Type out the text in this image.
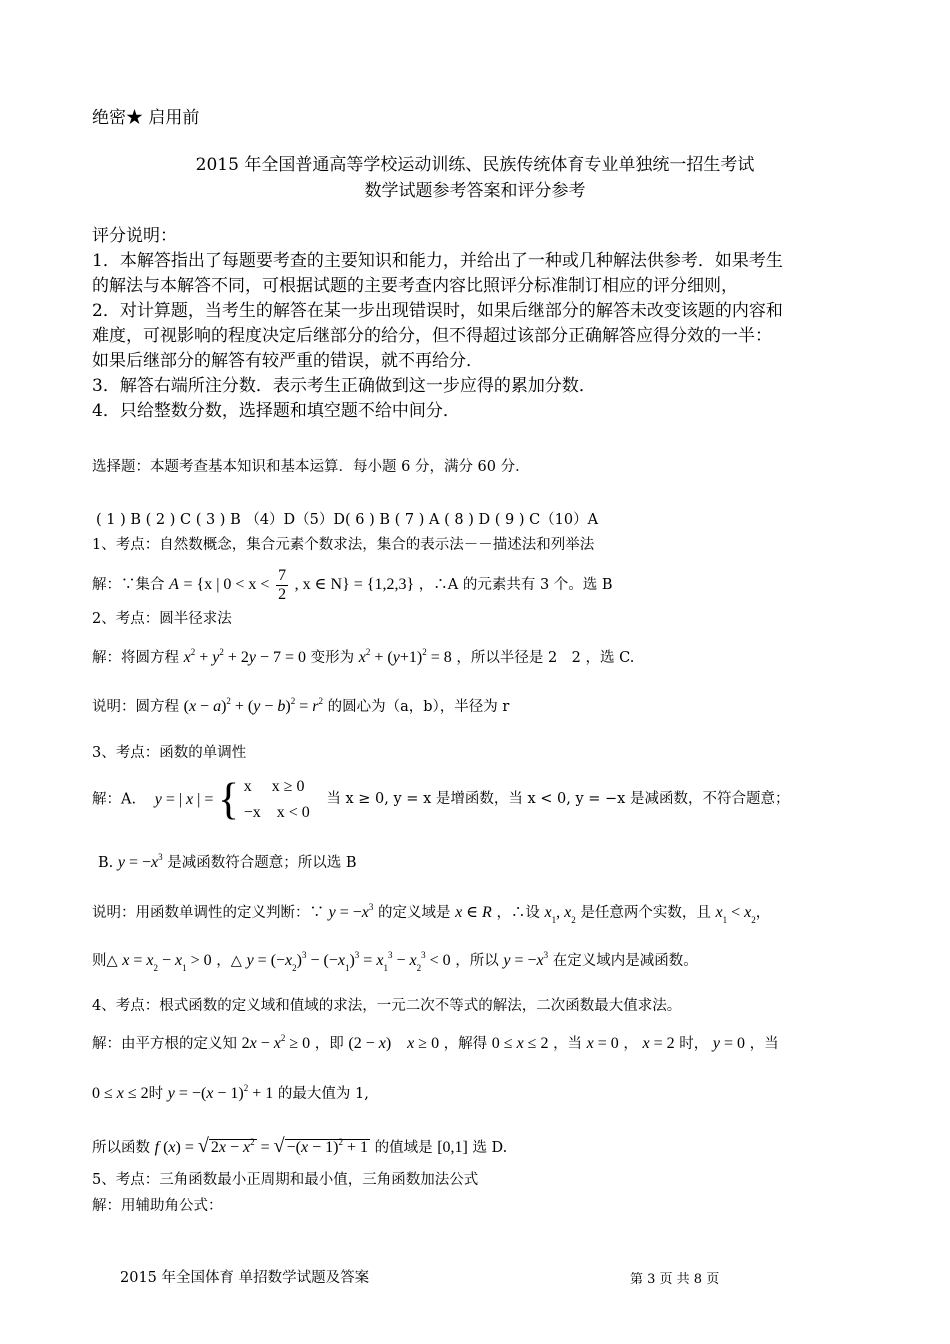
绝密★ 启用前
2015 年全国普通高等学校运动训练、民族传统体育专业单独统一招生考试
数学试题参考答案和评分参考
评分说明：
1．本解答指出了每题要考查的主要知识和能力，并给出了一种或几种解法供参考．如果考生
的解法与本解答不同，可根据试题的主要考查内容比照评分标准制订相应的评分细则，
2．对计算题，当考生的解答在某一步出现错误时，如果后继部分的解答未改变该题的内容和
难度，可视影响的程度决定后继部分的给分，但不得超过该部分正确解答应得分效的一半：
如果后继部分的解答有较严重的错误，就不再给分．
3．解答右端所注分数．表示考生正确做到这一步应得的累加分数．
4．只给整数分数，选择题和填空题不给中间分．
选择题：本题考查基本知识和基本运算．每小题 6 分，满分 60 分．
( 1 ) B ( 2 ) C ( 3 ) B （4）D（5）D( 6 ) B ( 7 ) A ( 8 ) D ( 9 ) C（10）A
1、考点：自然数概念，集合元素个数求法，集合的表示法－－描述法和列举法
解：∵集合 A = {x | $0 < x < \frac{7}{2}$ , x ∈ N} = {1,2,3} ，∴A 的元素共有 3 个。选 B
2、考点：圆半径求法
解：将圆方程 $x^2 + y^2 + 2y - 7 = 0$ 变形为 $x^2 + (y+1)^2 = 8$ ，所以半径是 2　2 ，选 C.
说明：圆方程 $(x - a)^2 + (y - b)^2 = r^2$ 的圆心为（a，b），半径为 r
3、考点：函数的单调性
解：A. y = | x | = { x　 x ≥ 0
−x　x < 0
当 x ≥ 0, y = x 是增函数，当 x < 0, y = −x 是减函数，不符合题意；
B. $y = -x^3$ 是减函数符合题意；所以选 B
说明：用函数单调性的定义判断：∵ $y = -x^3$ 的定义域是 x ∈ R ，∴设 $x_1$, $x_2$ 是任意两个实数，且 $x_1 < x_2$，
则△ $x = x_2 - x_1 > 0$ ，△ $y = (-x_2)^3 - (-x_1)^3 = x_1^3 - x_2^3 < 0$ ，所以 $y = -x^3$ 在定义域内是减函数。
4、考点：根式函数的定义域和值域的求法，一元二次不等式的解法，二次函数最大值求法。
解：由平方根的定义知 $2x - x^2 \ge 0$ ，即 (2 − x)　x ≥ 0 ，解得 0 ≤ x ≤ 2 ，当 x = 0 ， x = 2 时， y = 0 ，当
0 ≤ x ≤ 2时 $y = -(x - 1)^2 + 1$ 的最大值为 1,
所以函数 f (x) = √ $2x - x^2$ = √ $-(x - 1)^2 + 1$ 的值域是 [0,1] 选 D.
5、考点：三角函数最小正周期和最小值，三角函数加法公式
解：用辅助角公式：
2015 年全国体育 单招数学试题及答案	第 3 页 共 8 页
